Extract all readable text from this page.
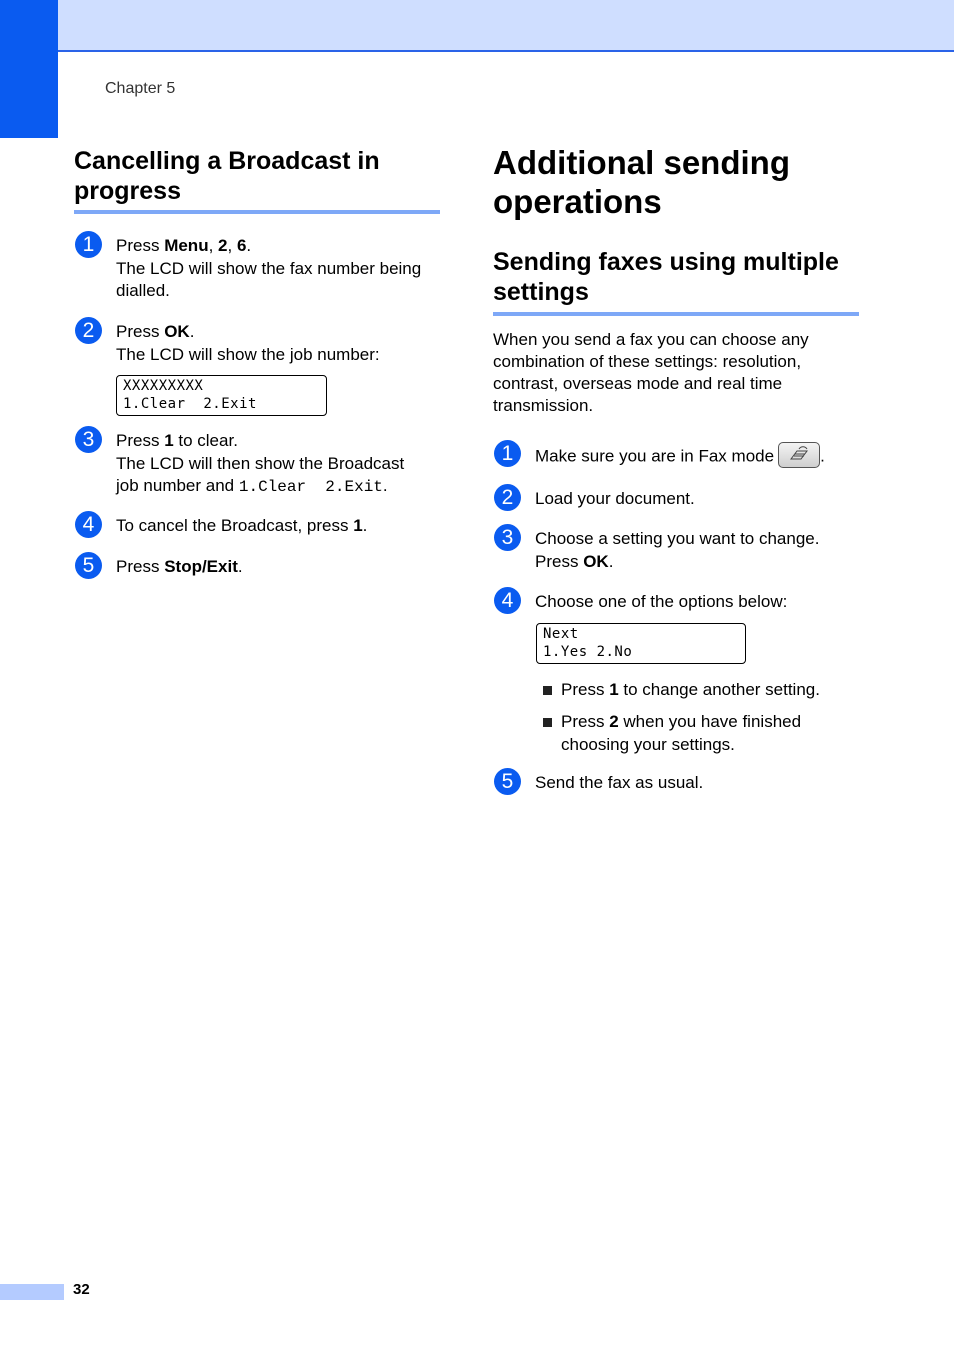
Chapter 5
Cancelling a Broadcast in
progress
1	Press Menu, 2, 6.
The LCD will show the fax number being
dialled.
2	Press OK.
The LCD will show the job number:
XXXXXXXXX
1.Clear  2.Exit
3	Press 1 to clear.
The LCD will then show the Broadcast
job number and 1.Clear  2.Exit.
4	To cancel the Broadcast, press 1.
5	Press Stop/Exit.
Additional sending
operations
Sending faxes using multiple
settings
When you send a fax you can choose any
combination of these settings: resolution,
contrast, overseas mode and real time
transmission.
1	Make sure you are in Fax mode	.
2	Load your document.
3	Choose a setting you want to change.
Press OK.
4	Choose one of the options below:
Next
1.Yes 2.No
Press 1 to change another setting.
Press 2 when you have finished
choosing your settings.
5	Send the fax as usual.
32
